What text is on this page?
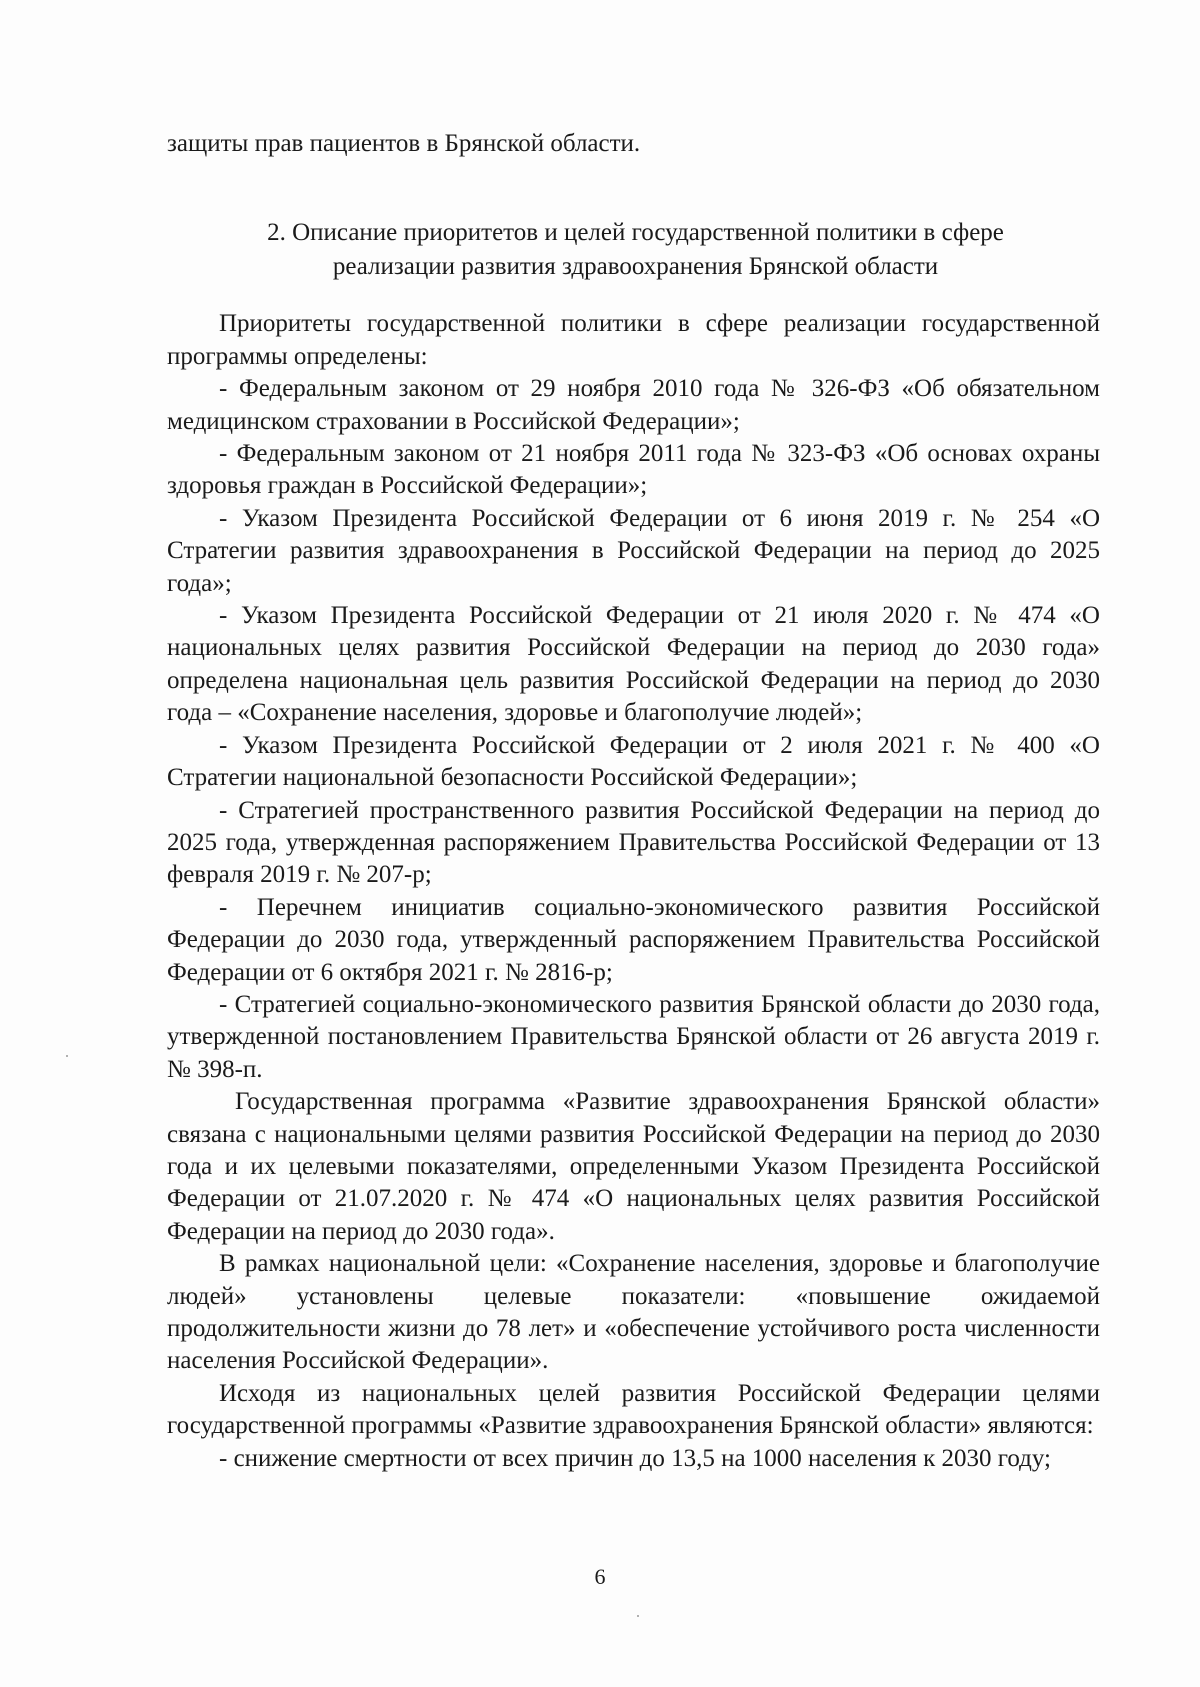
защиты прав пациентов в Брянской области.

2. Описание приоритетов и целей государственной политики в сфере
реализации развития здравоохранения Брянской области

Приоритеты государственной политики в сфере реализации государственной программы определены:

- Федеральным законом от 29 ноября 2010 года № 326-ФЗ «Об обязательном медицинском страховании в Российской Федерации»;

- Федеральным законом от 21 ноября 2011 года № 323-ФЗ «Об основах охраны здоровья граждан в Российской Федерации»;

- Указом Президента Российской Федерации от 6 июня 2019 г. № 254 «О Стратегии развития здравоохранения в Российской Федерации на период до 2025 года»;

- Указом Президента Российской Федерации от 21 июля 2020 г. № 474 «О национальных целях развития Российской Федерации на период до 2030 года» определена национальная цель развития Российской Федерации на период до 2030 года – «Сохранение населения, здоровье и благополучие людей»;

- Указом Президента Российской Федерации от 2 июля 2021 г. № 400 «О Стратегии национальной безопасности Российской Федерации»;

- Стратегией пространственного развития Российской Федерации на период до 2025 года, утвержденная распоряжением Правительства Российской Федерации от 13 февраля 2019 г. № 207-р;

- Перечнем инициатив социально-экономического развития Российской Федерации до 2030 года, утвержденный распоряжением Правительства Российской Федерации от 6 октября 2021 г. № 2816-р;

- Стратегией социально-экономического развития Брянской области до 2030 года, утвержденной постановлением Правительства Брянской области от 26 августа 2019 г. № 398-п.

Государственная программа «Развитие здравоохранения Брянской области» связана с национальными целями развития Российской Федерации на период до 2030 года и их целевыми показателями, определенными Указом Президента Российской Федерации от 21.07.2020 г. № 474 «О национальных целях развития Российской Федерации на период до 2030 года».

В рамках национальной цели: «Сохранение населения, здоровье и благополучие людей» установлены целевые показатели: «повышение ожидаемой продолжительности жизни до 78 лет» и «обеспечение устойчивого роста численности населения Российской Федерации».

Исходя из национальных целей развития Российской Федерации целями государственной программы «Развитие здравоохранения Брянской области» являются:

- снижение смертности от всех причин до 13,5 на 1000 населения к 2030 году;

6
